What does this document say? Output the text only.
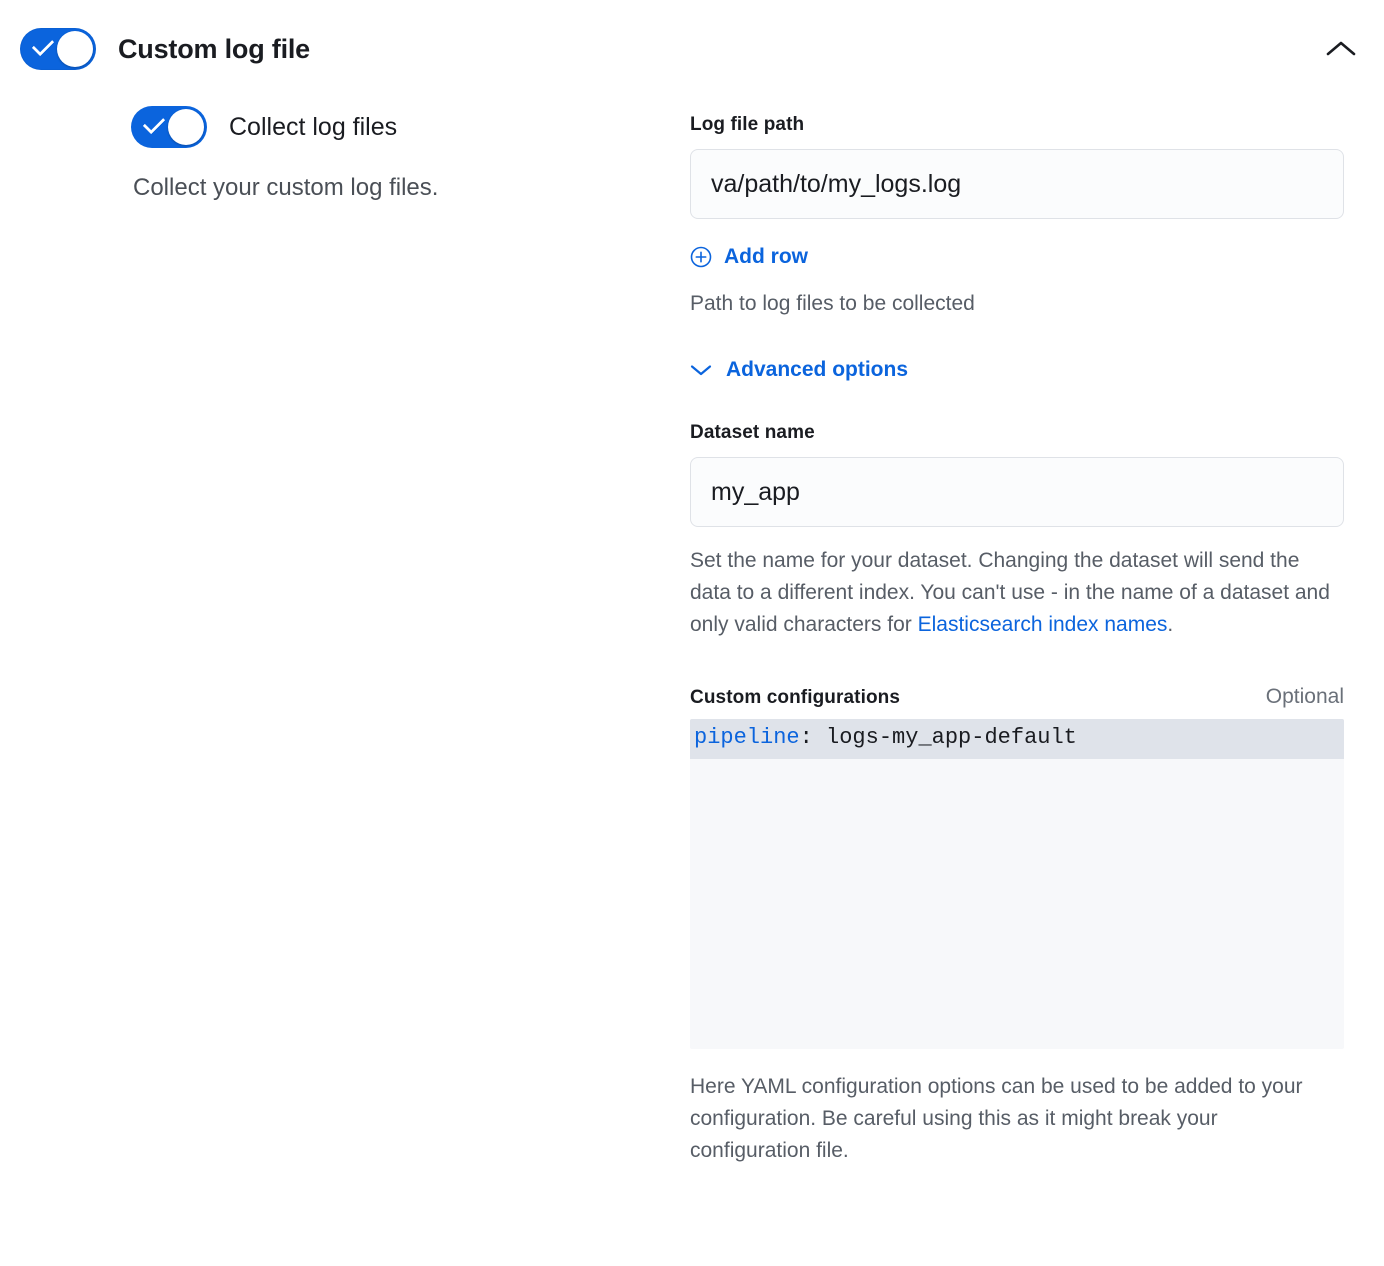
Custom log file
Collect log files
Collect your custom log files.
Log file path
va/path/to/my_logs.log
Add row
Path to log files to be collected
Advanced options
Dataset name
my_app
Set the name for your dataset. Changing the dataset will send the data to a different index. You can't use - in the name of a dataset and only valid characters for Elasticsearch index names.
Custom configurations	Optional
pipeline: logs-my_app-default
Here YAML configuration options can be used to be added to your configuration. Be careful using this as it might break your configuration file.
